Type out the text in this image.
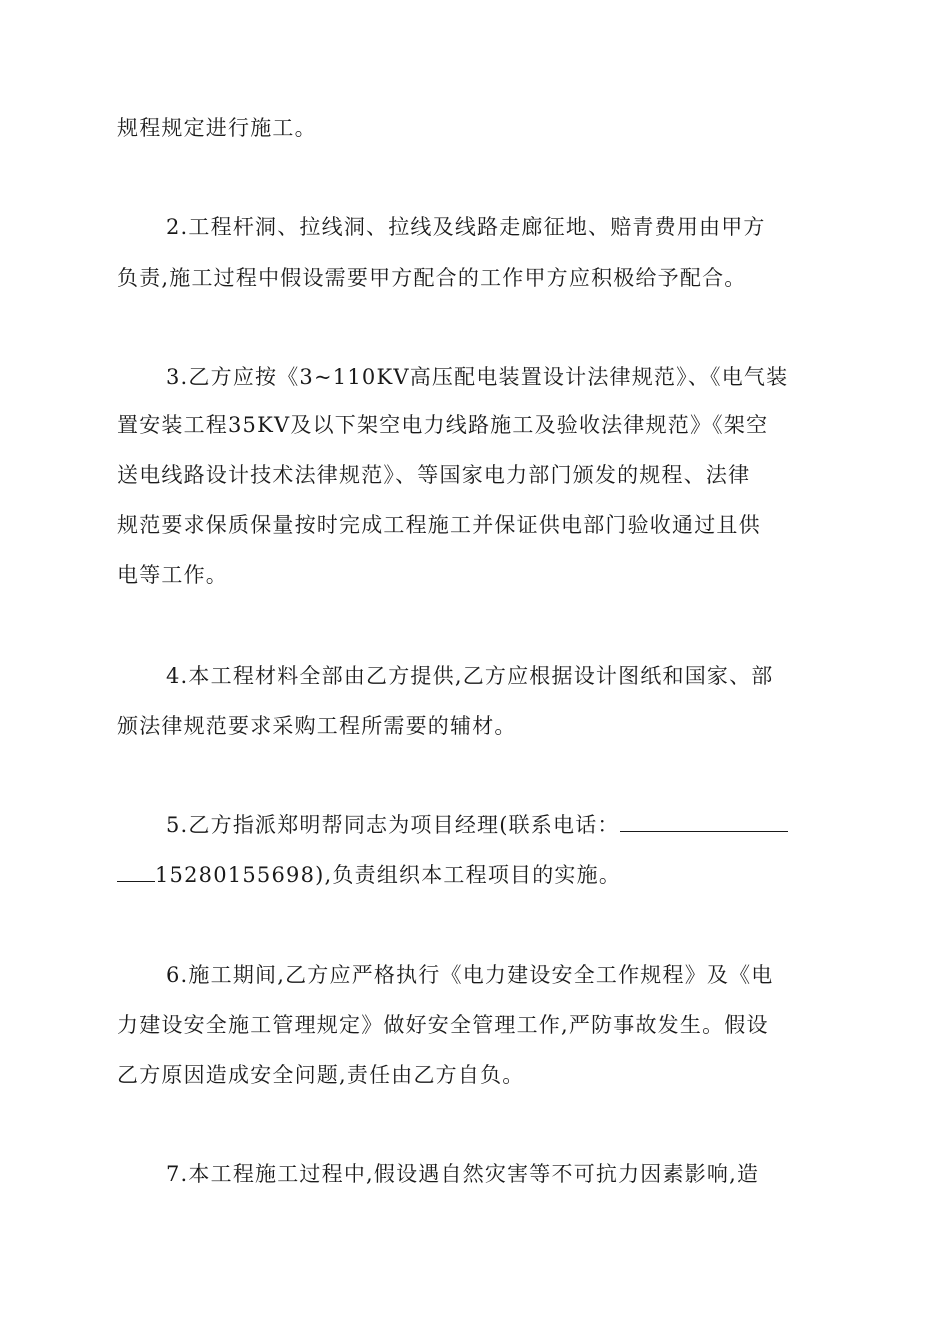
规程规定进行施工。
2.工程杆洞、拉线洞、拉线及线路走廊征地、赔青费用由甲方
负责,施工过程中假设需要甲方配合的工作甲方应积极给予配合。
3.乙方应按《3~110KV高压配电装置设计法律规范》、《电气装
置安装工程35KV及以下架空电力线路施工及验收法律规范》《架空
送电线路设计技术法律规范》、等国家电力部门颁发的规程、法律
规范要求保质保量按时完成工程施工并保证供电部门验收通过且供
电等工作。
4.本工程材料全部由乙方提供,乙方应根据设计图纸和国家、部
颁法律规范要求采购工程所需要的辅材。
5.乙方指派郑明帮同志为项目经理(联系电话：
15280155698),负责组织本工程项目的实施。
6.施工期间,乙方应严格执行《电力建设安全工作规程》及《电
力建设安全施工管理规定》做好安全管理工作,严防事故发生。假设
乙方原因造成安全问题,责任由乙方自负。
7.本工程施工过程中,假设遇自然灾害等不可抗力因素影响,造
